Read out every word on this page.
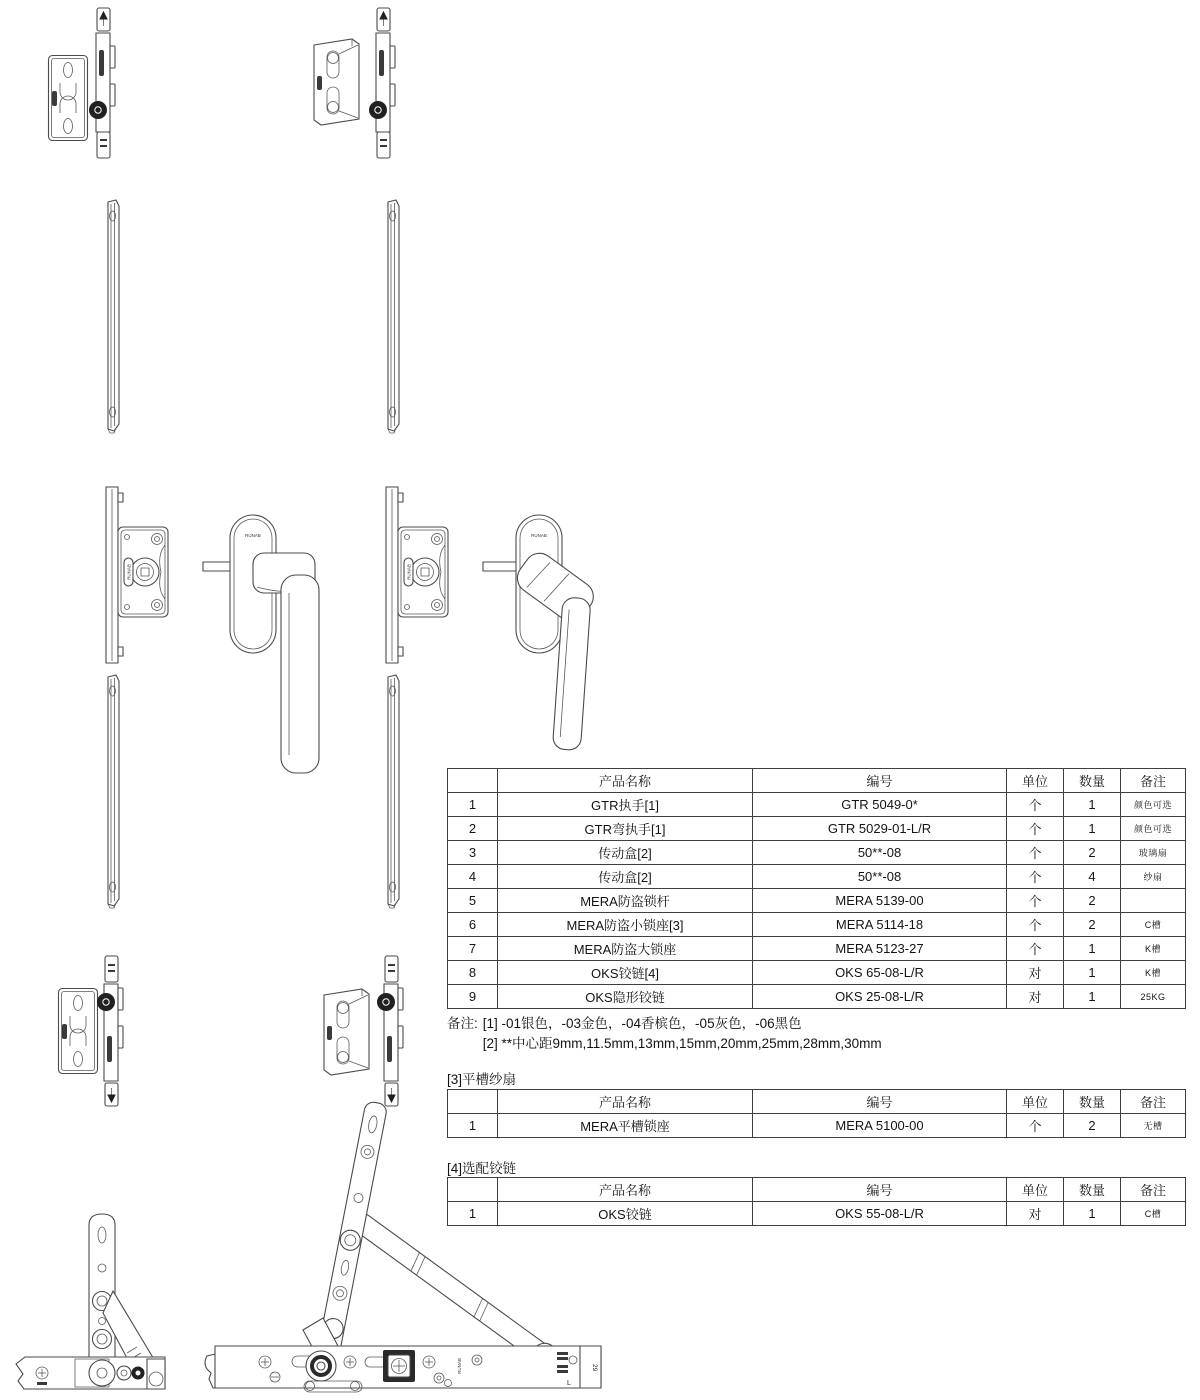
L
29
RUNAB
RUNAB	RUNAB
RUNAB	RUNAB
	产品名称	编号	单位	数量	备注
1	GTR执手[1]	GTR 5049-0*	个	1	颜色可选
2	GTR弯执手[1]	GTR 5029-01-L/R	个	1	颜色可选
3	传动盒[2]	50**-08	个	2	玻璃扇
4	传动盒[2]	50**-08	个	4	纱扇
5	MERA防盗锁杆	MERA 5139-00	个	2	
6	MERA防盗小锁座[3]	MERA 5114-18	个	2	C槽
7	MERA防盗大锁座	MERA 5123-27	个	1	K槽
8	OKS铰链[4]	OKS 65-08-L/R	对	1	K槽
9	OKS隐形铰链	OKS 25-08-L/R	对	1	25KG
备注: [1] -01银色，-03金色，-04香槟色，-05灰色，-06黑色
[2] **中心距9mm,11.5mm,13mm,15mm,20mm,25mm,28mm,30mm
[3]平槽纱扇
	产品名称	编号	单位	数量	备注
1	MERA平槽锁座	MERA 5100-00	个	2	无槽
[4]选配铰链
	产品名称	编号	单位	数量	备注
1	OKS铰链	OKS 55-08-L/R	对	1	C槽
